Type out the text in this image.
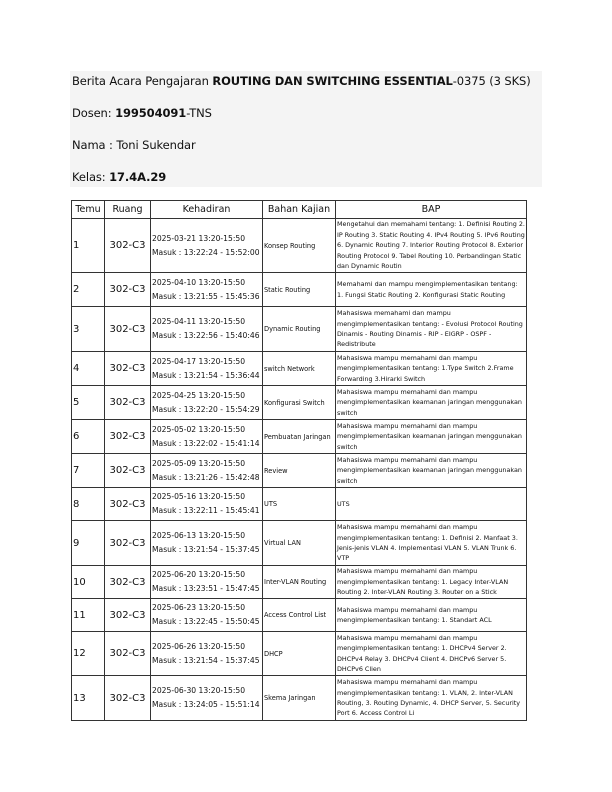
Berita Acara Pengajaran ROUTING DAN SWITCHING ESSENTIAL-0375 (3 SKS)
Dosen: 199504091-TNS
Nama : Toni Sukendar
Kelas: 17.4A.29
Temu	Ruang	Kehadiran	Bahan Kajian	BAP
1	302-C3	2025-03-21 13:20-15:50
Masuk : 13:22:24 - 15:52:00	Konsep Routing	Mengetahui dan memahami tentang: 1. Definisi Routing 2. IP Routing 3. Static Routing 4. IPv4 Routing 5. IPv6 Routing 6. Dynamic Routing 7. Interior Routing Protocol 8. Exterior Routing Protocol 9. Tabel Routing 10. Perbandingan Static dan Dynamic Routin
2	302-C3	2025-04-10 13:20-15:50
Masuk : 13:21:55 - 15:45:36	Static Routing	Memahami dan mampu mengimplementasikan tentang: 1. Fungsi Static Routing 2. Konfigurasi Static Routing
3	302-C3	2025-04-11 13:20-15:50
Masuk : 13:22:56 - 15:40:46	Dynamic Routing	Mahasiswa memahami dan mampu mengimplementasikan tentang: - Evolusi Protocol Routing Dinamis - Routing Dinamis - RIP - EIGRP - OSPF - Redistribute
4	302-C3	2025-04-17 13:20-15:50
Masuk : 13:21:54 - 15:36:44	switch Network	Mahasiswa mampu memahami dan mampu mengimplementasikan tentang: 1.Type Switch 2.Frame Forwarding 3.Hirarki Switch
5	302-C3	2025-04-25 13:20-15:50
Masuk : 13:22:20 - 15:54:29	Konfigurasi Switch	Mahasiswa mampu memahami dan mampu mengimplementasikan keamanan jaringan menggunakan switch
6	302-C3	2025-05-02 13:20-15:50
Masuk : 13:22:02 - 15:41:14	Pembuatan Jaringan	Mahasiswa mampu memahami dan mampu mengimplementasikan keamanan jaringan menggunakan switch
7	302-C3	2025-05-09 13:20-15:50
Masuk : 13:21:26 - 15:42:48	Review	Mahasiswa mampu memahami dan mampu mengimplementasikan keamanan jaringan menggunakan switch
8	302-C3	2025-05-16 13:20-15:50
Masuk : 13:22:11 - 15:45:41	UTS	UTS
9	302-C3	2025-06-13 13:20-15:50
Masuk : 13:21:54 - 15:37:45	Virtual LAN	Mahasiswa mampu memahami dan mampu mengimplementasikan tentang: 1. Definisi 2. Manfaat 3. Jenis-jenis VLAN 4. Implementasi VLAN 5. VLAN Trunk 6. VTP
10	302-C3	2025-06-20 13:20-15:50
Masuk : 13:23:51 - 15:47:45	Inter-VLAN Routing	Mahasiswa mampu memahami dan mampu mengimplementasikan tentang: 1. Legacy Inter-VLAN Routing 2. Inter-VLAN Routing 3. Router on a Stick
11	302-C3	2025-06-23 13:20-15:50
Masuk : 13:22:45 - 15:50:45	Access Control List	Mahasiswa mampu memahami dan mampu mengimplementasikan tentang: 1. Standart ACL
12	302-C3	2025-06-26 13:20-15:50
Masuk : 13:21:54 - 15:37:45	DHCP	Mahasiswa mampu memahami dan mampu mengimplementasikan tentang: 1. DHCPv4 Server 2. DHCPv4 Relay 3. DHCPv4 Client 4. DHCPv6 Server 5. DHCPv6 Clien
13	302-C3	2025-06-30 13:20-15:50
Masuk : 13:24:05 - 15:51:14	Skema Jaringan	Mahasiswa mampu memahami dan mampu mengimplementasikan tentang: 1. VLAN, 2. Inter-VLAN Routing, 3. Routing Dynamic, 4. DHCP Server, 5. Security Port 6. Access Control Li
